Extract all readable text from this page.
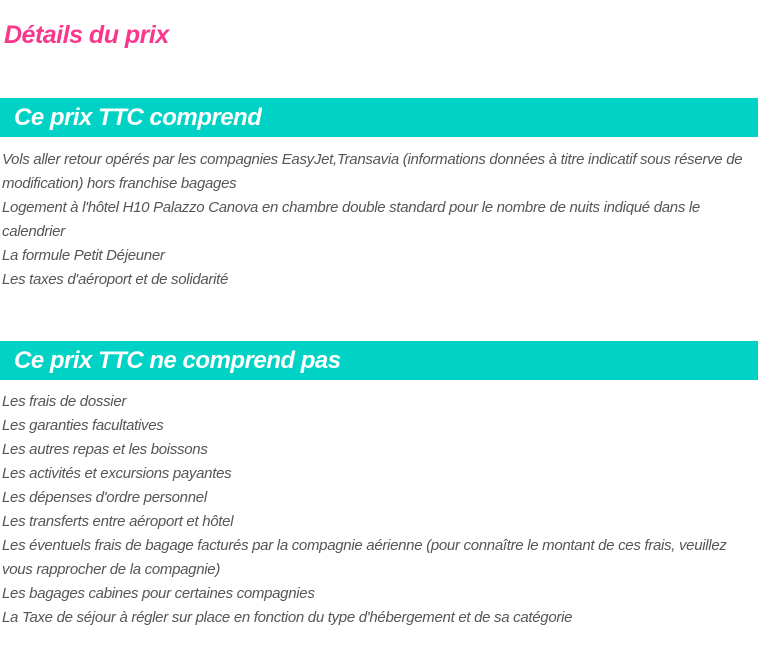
Détails du prix
Ce prix TTC comprend
Vols aller retour opérés par les compagnies EasyJet,Transavia (informations données à titre indicatif sous réserve de modification) hors franchise bagages
Logement à l'hôtel H10 Palazzo Canova en chambre double standard pour le nombre de nuits indiqué dans le calendrier
La formule Petit Déjeuner
Les taxes d'aéroport et de solidarité
Ce prix TTC ne comprend pas
Les frais de dossier
Les garanties facultatives
Les autres repas et les boissons
Les activités et excursions payantes
Les dépenses d'ordre personnel
Les transferts entre aéroport et hôtel
Les éventuels frais de bagage facturés par la compagnie aérienne (pour connaître le montant de ces frais, veuillez vous rapprocher de la compagnie)
Les bagages cabines pour certaines compagnies
La Taxe de séjour à régler sur place en fonction du type d'hébergement et de sa catégorie
